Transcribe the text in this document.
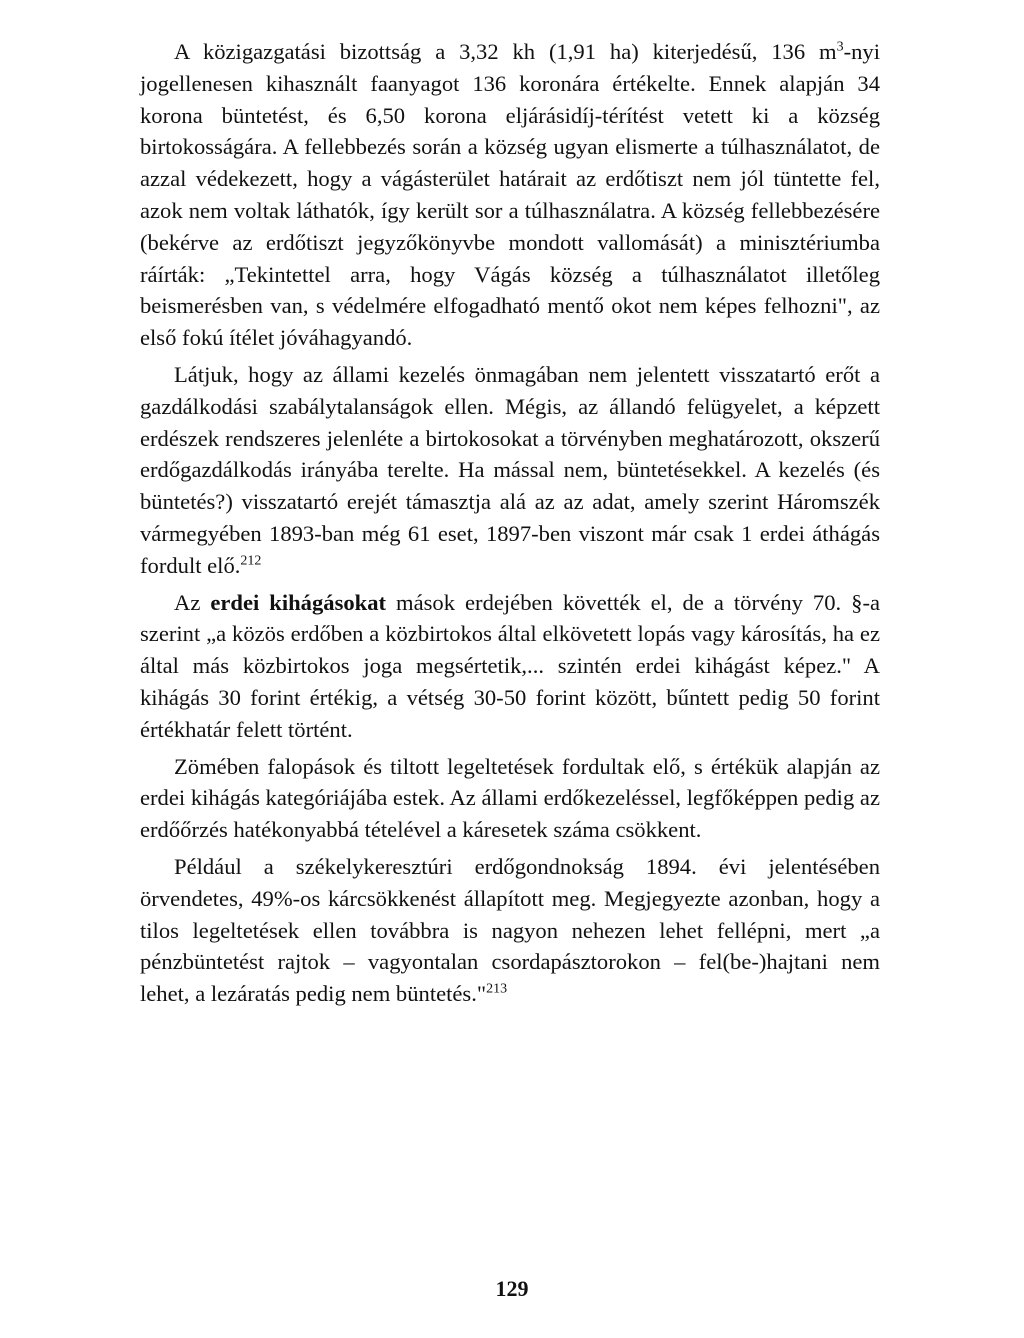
A közigazgatási bizottság a 3,32 kh (1,91 ha) kiterjedésű, 136 $m^3$-nyi jogellenesen kihasznált faanyagot 136 koronára értékelte. Ennek alapján 34 korona büntetést, és 6,50 korona eljárásidíj-térítést vetett ki a község birtokosságára. A fellebbezés során a község ugyan elismerte a túlhasználatot, de azzal védekezett, hogy a vágásterület határait az erdőtiszt nem jól tüntette fel, azok nem voltak láthatók, így került sor a túlhasználatra. A község fellebbezésére (bekérve az erdőtiszt jegyzőkönyvbe mondott vallomását) a minisztériumba ráírták: „Tekintettel arra, hogy Vágás község a túlhasználatot illetőleg beismerésben van, s védelmére elfogadható mentő okot nem képes felhozni", az első fokú ítélet jóváhagyandó.

Látjuk, hogy az állami kezelés önmagában nem jelentett visszatartó erőt a gazdálkodási szabálytalanságok ellen. Mégis, az állandó felügyelet, a képzett erdészek rendszeres jelenléte a birtokosokat a törvényben meghatározott, okszerű erdőgazdálkodás irányába terelte. Ha mással nem, büntetésekkel. A kezelés (és büntetés?) visszatartó erejét támasztja alá az az adat, amely szerint Háromszék vármegyében 1893-ban még 61 eset, 1897-ben viszont már csak 1 erdei áthágás fordult elő.$^{212}$

Az erdei kihágásokat mások erdejében követték el, de a törvény 70. §-a szerint „a közös erdőben a közbirtokos által elkövetett lopás vagy károsítás, ha ez által más közbirtokos joga megsértetik,... szintén erdei kihágást képez." A kihágás 30 forint értékig, a vétség 30-50 forint között, bűntett pedig 50 forint értékhatár felett történt.

Zömében falopások és tiltott legeltetések fordultak elő, s értékük alapján az erdei kihágás kategóriájába estek. Az állami erdőkezeléssel, legfőképpen pedig az erdőőrzés hatékonyabbá tételével a káresetek száma csökkent.

Például a székelykeresztúri erdőgondnokság 1894. évi jelentésében örvendetes, 49%-os kárcsökkenést állapított meg. Megjegyezte azonban, hogy a tilos legeltetések ellen továbbra is nagyon nehezen lehet fellépni, mert „a pénzbüntetést rajtok – vagyontalan csordapásztorokon – fel(be-)hajtani nem lehet, a lezáratás pedig nem büntetés."$^{213}$

129
